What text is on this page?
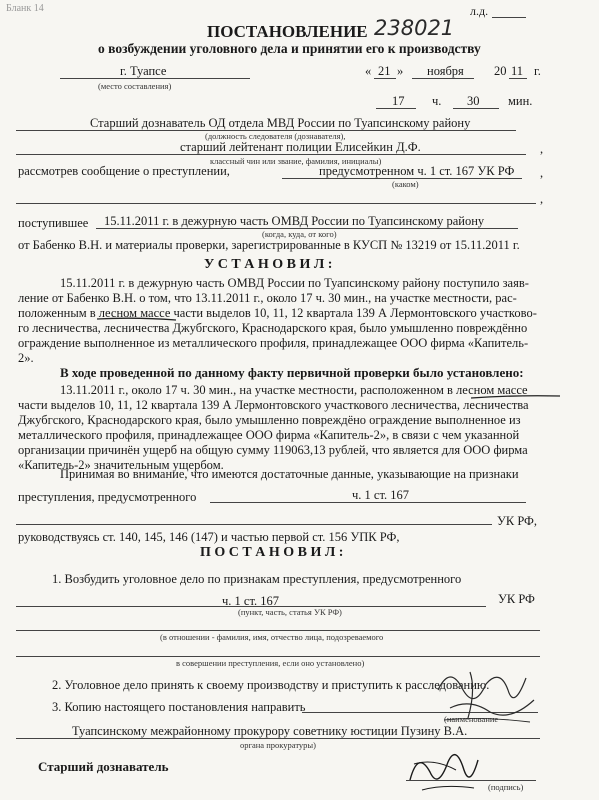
Бланк 14	л.д.
ПОСТАНОВЛЕНИЕ 238021
о возбуждении уголовного дела и принятии его к производству
г. Туапсе
(место составления)
« 21 » ноября 20 11 г.
17 ч. 30 мин.
Старший дознаватель ОД отдела МВД России по Туапсинскому району
(должность следователя (дознавателя),
старший лейтенант полиции Елисейкин Д.Ф.	,
классный чин или звание, фамилия, инициалы)
рассмотрев сообщение о преступлении,	предусмотренном ч. 1 ст. 167 УК РФ ,
(каком)
,
поступившее 15.11.2011 г. в дежурную часть ОМВД России по Туапсинскому району
(когда, куда, от кого)
от Бабенко В.Н. и материалы проверки, зарегистрированные в КУСП № 13219 от 15.11.2011 г.
У С Т А Н О В И Л :
15.11.2011 г. в дежурную часть ОМВД России по Туапсинскому району поступило заяв-
ление от Бабенко В.Н. о том, что 13.11.2011 г., около 17 ч. 30 мин., на участке местности, рас-
положенным в лесном массе части выделов 10, 11, 12 квартала 139 А Лермонтовского участково-
го лесничества, лесничества Джубгского, Краснодарского края, было умышленно повреждённо
ограждение выполненное из металлического профиля, принадлежащее ООО фирма «Капитель-
2».
В ходе проведенной по данному факту первичной проверки было установлено:
13.11.2011 г., около 17 ч. 30 мин., на участке местности, расположенном в лесном массе
части выделов 10, 11, 12 квартала 139 А Лермонтовского участкового лесничества, лесничества
Джубгского, Краснодарского края, было умышленно повреждёно ограждение выполненное из
металлического профиля, принадлежащее ООО фирма «Капитель-2», в связи с чем указанной
организации причинён ущерб на общую сумму 119063,13 рублей, что является для ООО фирма
«Капитель-2» значительным ущербом.
Принимая во внимание, что имеются достаточные данные, указывающие на признаки
преступления, предусмотренного	ч. 1 ст. 167
УК РФ,
руководствуясь ст. 140, 145, 146 (147) и частью первой ст. 156 УПК РФ,
П О С Т А Н О В И Л :
1. Возбудить уголовное дело по признакам преступления, предусмотренного
ч. 1 ст. 167	УК РФ
(пункт, часть, статья УК РФ)
(в отношении - фамилия, имя, отчество лица, подозреваемого
в совершении преступления, если оно установлено)
2. Уголовное дело принять к своему производству и приступить к расследованию.
3. Копию настоящего постановления направить
(наименование
Туапсинскому межрайонному прокурору советнику юстиции Пузину В.А.
органа прокуратуры)
Старший дознаватель
(подпись)
